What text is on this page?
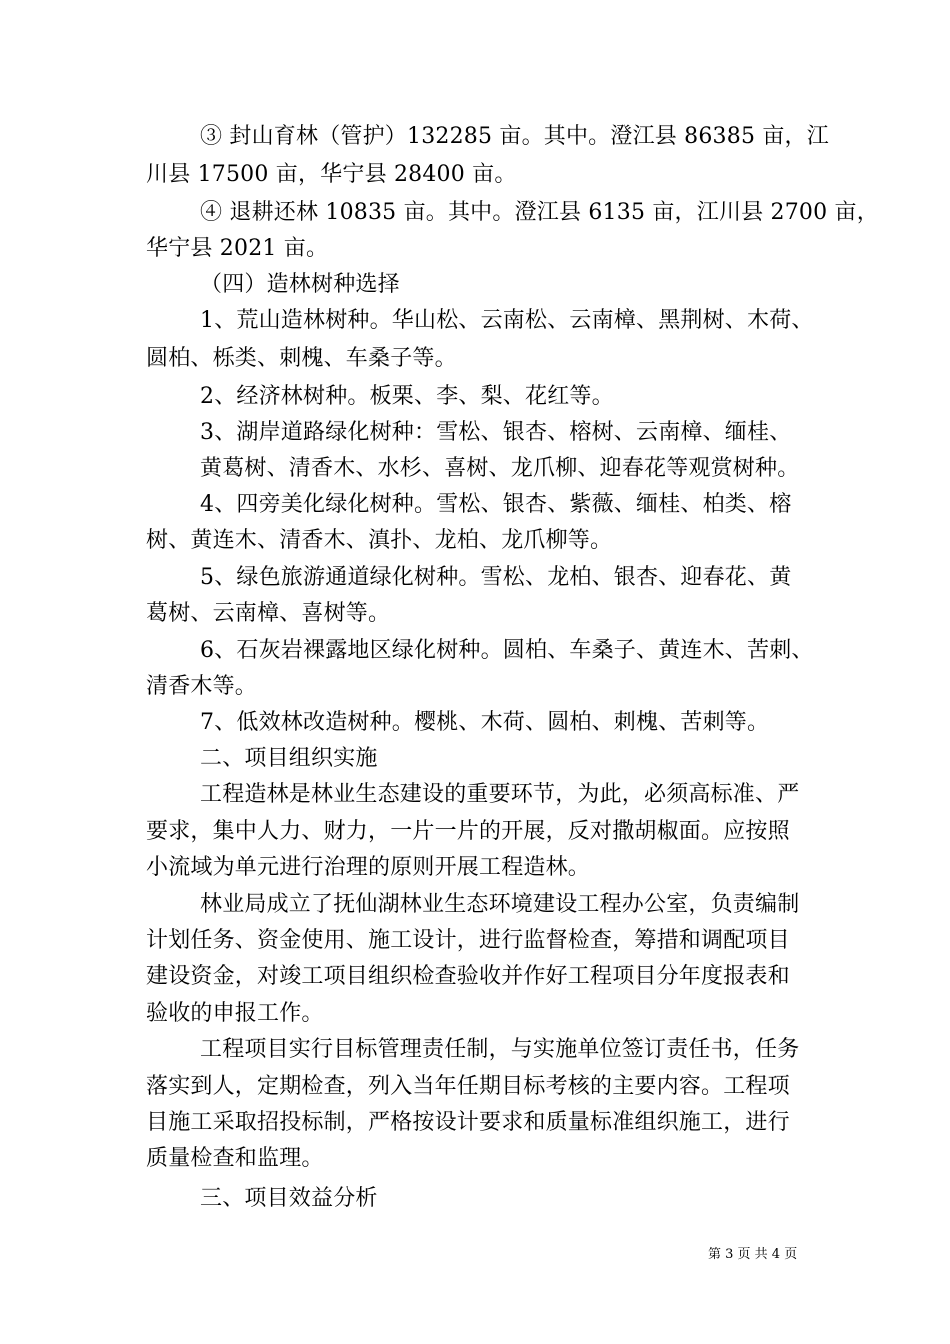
③ 封山育林（管护）132285 亩。其中。澄江县 86385 亩，江
川县 17500 亩，华宁县 28400 亩。
④ 退耕还林 10835 亩。其中。澄江县 6135 亩，江川县 2700 亩，
华宁县 2021 亩。
（四）造林树种选择
1、荒山造林树种。华山松、云南松、云南樟、黑荆树、木荷、
圆柏、栎类、刺槐、车桑子等。
2、经济林树种。板栗、李、梨、花红等。
3、湖岸道路绿化树种：雪松、银杏、榕树、云南樟、缅桂、
黄葛树、清香木、水杉、喜树、龙爪柳、迎春花等观赏树种。
4、四旁美化绿化树种。雪松、银杏、紫薇、缅桂、柏类、榕
树、黄连木、清香木、滇扑、龙柏、龙爪柳等。
5、绿色旅游通道绿化树种。雪松、龙柏、银杏、迎春花、黄
葛树、云南樟、喜树等。
6、石灰岩裸露地区绿化树种。圆柏、车桑子、黄连木、苦刺、
清香木等。
7、低效林改造树种。樱桃、木荷、圆柏、刺槐、苦刺等。
二、项目组织实施
工程造林是林业生态建设的重要环节，为此，必须高标准、严
要求，集中人力、财力，一片一片的开展，反对撒胡椒面。应按照
小流域为单元进行治理的原则开展工程造林。
林业局成立了抚仙湖林业生态环境建设工程办公室，负责编制
计划任务、资金使用、施工设计，进行监督检查，筹措和调配项目
建设资金，对竣工项目组织检查验收并作好工程项目分年度报表和
验收的申报工作。
工程项目实行目标管理责任制，与实施单位签订责任书，任务
落实到人，定期检查，列入当年任期目标考核的主要内容。工程项
目施工采取招投标制，严格按设计要求和质量标准组织施工，进行
质量检查和监理。
三、项目效益分析
第 3 页 共 4 页
